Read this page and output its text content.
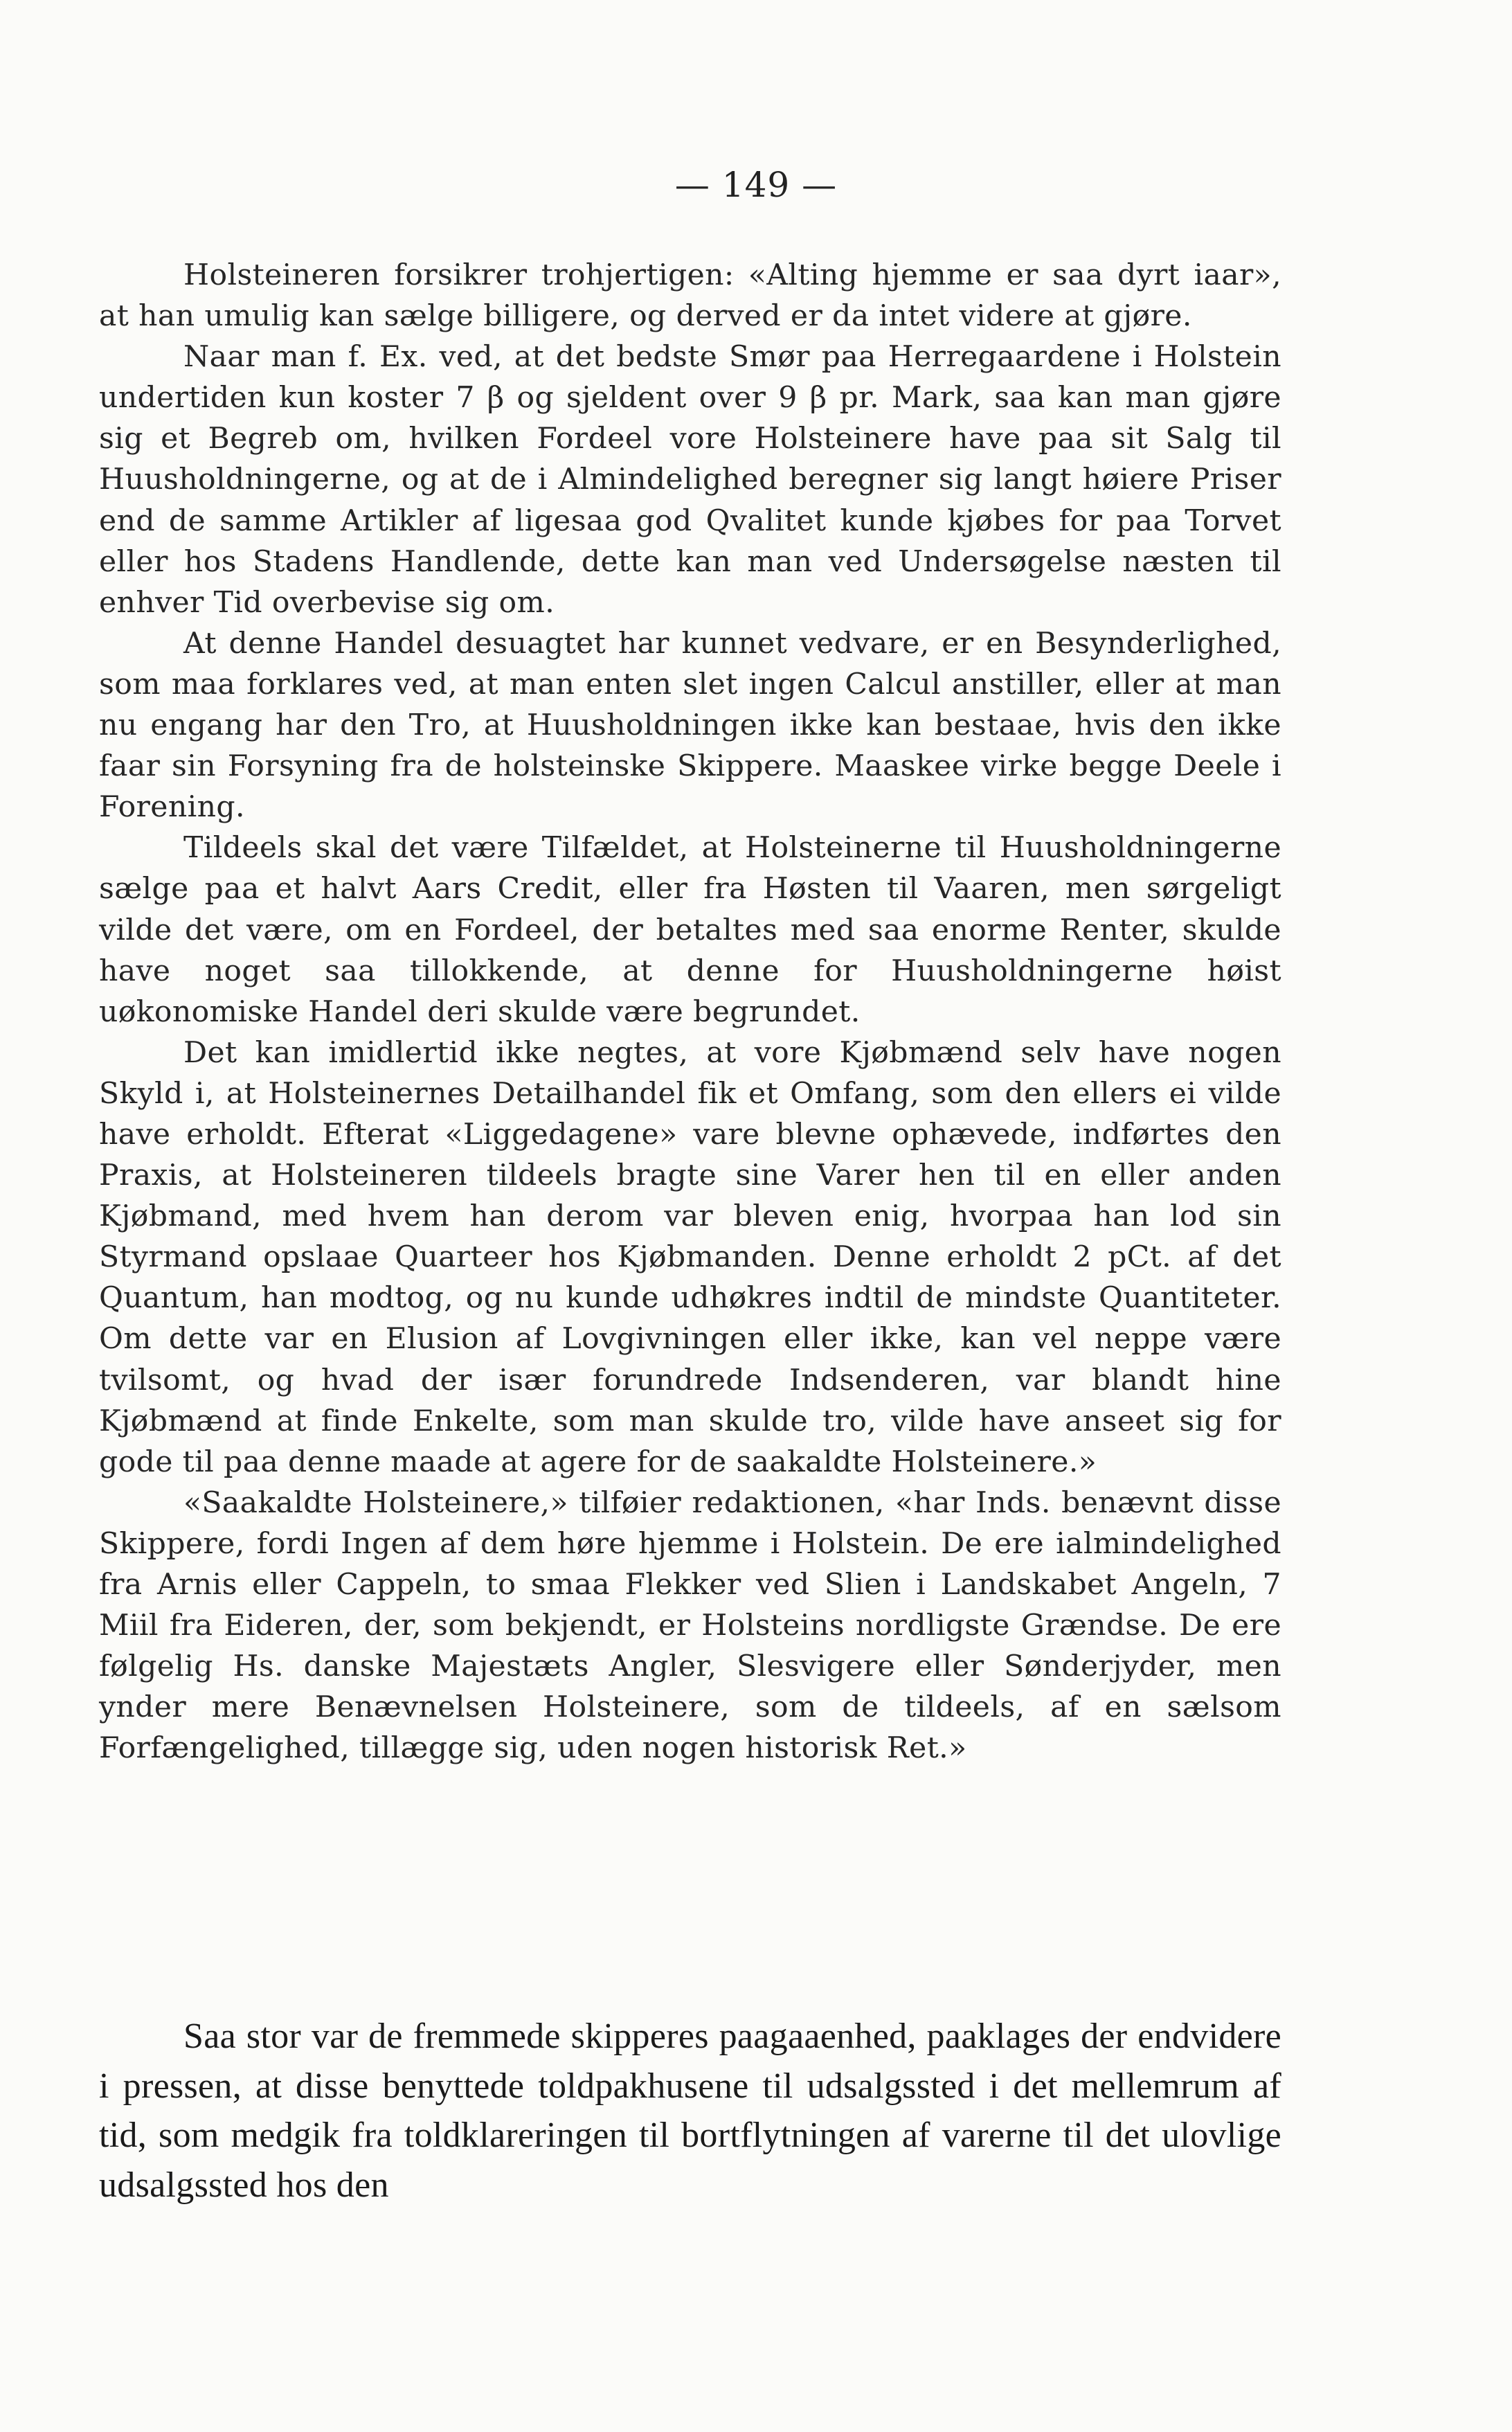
— 149 —

Holsteineren forsikrer trohjertigen: «Alting hjemme er saa dyrt iaar», at han umulig kan sælge billigere, og derved er da intet videre at gjøre.

Naar man f. Ex. ved, at det bedste Smør paa Herregaardene i Holstein undertiden kun koster 7 β og sjeldent over 9 β pr. Mark, saa kan man gjøre sig et Begreb om, hvilken Fordeel vore Holsteinere have paa sit Salg til Huusholdningerne, og at de i Almindelighed beregner sig langt høiere Priser end de samme Artikler af ligesaa god Qvalitet kunde kjøbes for paa Torvet eller hos Stadens Handlende, dette kan man ved Undersøgelse næsten til enhver Tid overbevise sig om.

At denne Handel desuagtet har kunnet vedvare, er en Besynderlighed, som maa forklares ved, at man enten slet ingen Calcul anstiller, eller at man nu engang har den Tro, at Huusholdningen ikke kan bestaae, hvis den ikke faar sin Forsyning fra de holsteinske Skippere. Maaskee virke begge Deele i Forening.

Tildeels skal det være Tilfældet, at Holsteinerne til Huusholdningerne sælge paa et halvt Aars Credit, eller fra Høsten til Vaaren, men sørgeligt vilde det være, om en Fordeel, der betaltes med saa enorme Renter, skulde have noget saa tillokkende, at denne for Huusholdningerne høist uøkonomiske Handel deri skulde være begrundet.

Det kan imidlertid ikke negtes, at vore Kjøbmænd selv have nogen Skyld i, at Holsteinernes Detailhandel fik et Omfang, som den ellers ei vilde have erholdt. Efterat «Liggedagene» vare blevne ophævede, indførtes den Praxis, at Holsteineren tildeels bragte sine Varer hen til en eller anden Kjøbmand, med hvem han derom var bleven enig, hvorpaa han lod sin Styrmand opslaae Quarteer hos Kjøbmanden. Denne erholdt 2 pCt. af det Quantum, han modtog, og nu kunde udhøkres indtil de mindste Quantiteter. Om dette var en Elusion af Lovgivningen eller ikke, kan vel neppe være tvilsomt, og hvad der især forundrede Indsenderen, var blandt hine Kjøbmænd at finde Enkelte, som man skulde tro, vilde have anseet sig for gode til paa denne maade at agere for de saakaldte Holsteinere.»

«Saakaldte Holsteinere,» tilføier redaktionen, «har Inds. benævnt disse Skippere, fordi Ingen af dem høre hjemme i Holstein. De ere ialmindelighed fra Arnis eller Cappeln, to smaa Flekker ved Slien i Landskabet Angeln, 7 Miil fra Eideren, der, som bekjendt, er Holsteins nordligste Grændse. De ere følgelig Hs. danske Majestæts Angler, Slesvigere eller Sønderjyder, men ynder mere Benævnelsen Holsteinere, som de tildeels, af en sælsom Forfængelighed, tillægge sig, uden nogen historisk Ret.»

Saa stor var de fremmede skipperes paagaaenhed, paaklages der endvidere i pressen, at disse benyttede toldpakhusene til udsalgssted i det mellemrum af tid, som medgik fra toldklareringen til bortflytningen af varerne til det ulovlige udsalgssted hos den
